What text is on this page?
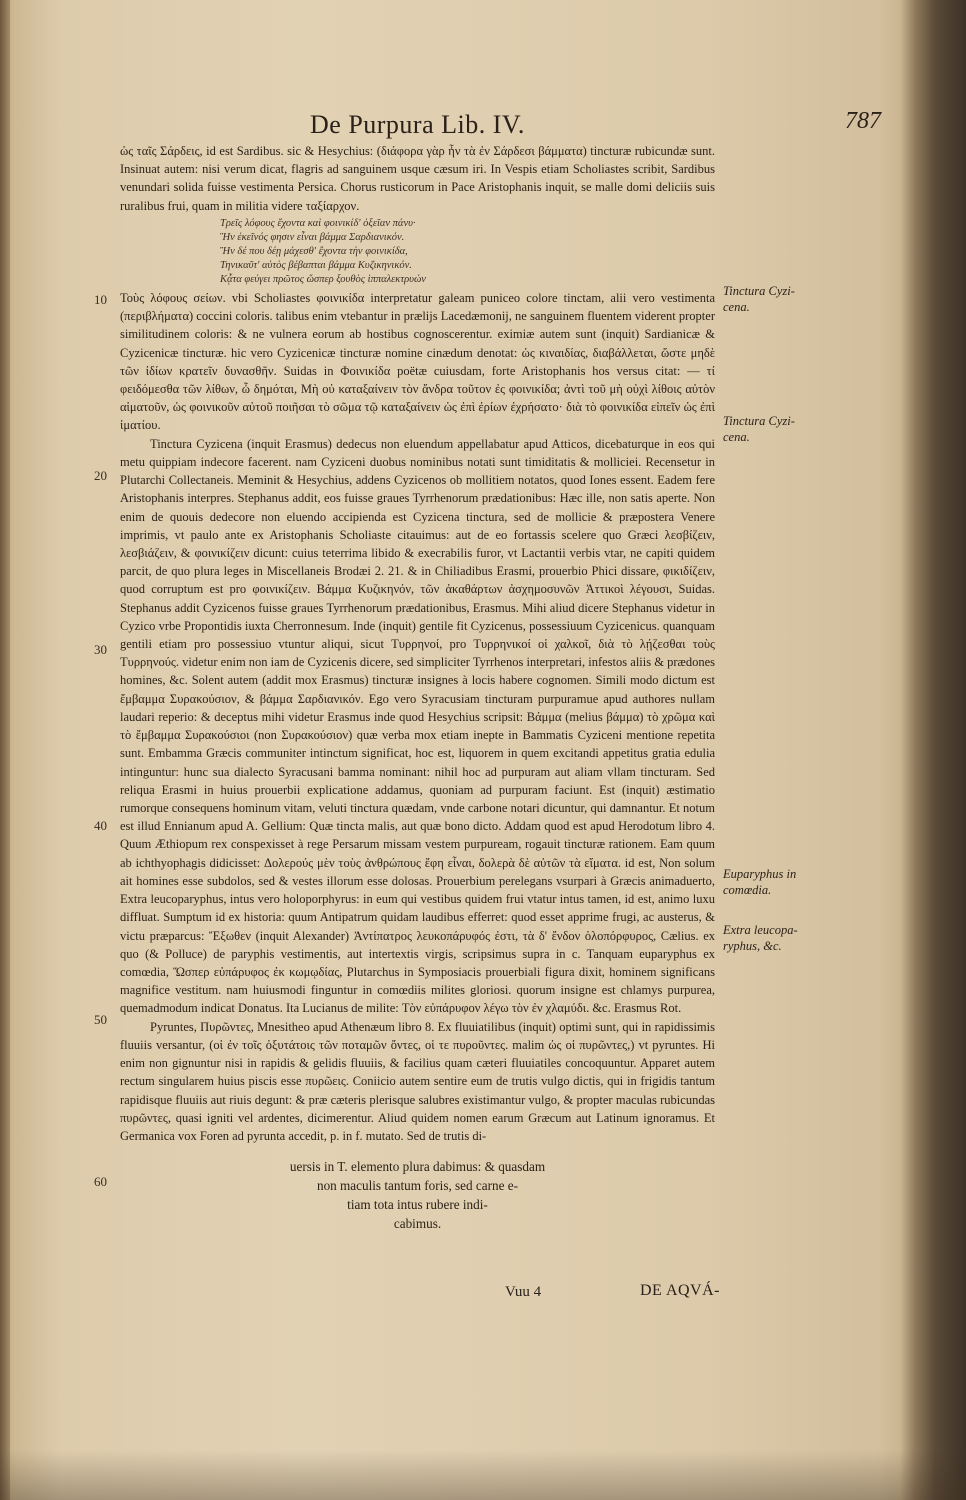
De Purpura Lib. IV.	787
10
20
30
40
50
60
Tinctura Cyzi-cena.
Tinctura Cyzi-cena.
Euparyphus in comœdia.
Extra leucopa-ryphus, &c.

ὡς ταῖς Σάρδεις, id est Sardibus. sic & Hesychius: (διάφορα γὰρ ἦν τὰ ἐν Σάρδεσι βάμματα) tincturæ rubicundæ sunt. Insinuat autem: nisi verum dicat, flagris ad sanguinem usque cæsum iri. In Vespis etiam Scholiastes scribit, Sardibus venundari solida fuisse vestimenta Persica. Chorus rusticorum in Pace Aristophanis inquit, se malle domi deliciis suis ruralibus frui, quam in militia videre ταξίαρχον.

Τρεῖς λόφους ἔχοντα καὶ φοινικίδ' ὀξεῖαν πάνυ·
Ἣν ἐκεῖνός φησιν εἶναι βάμμα Σαρδιανικόν.
Ἢν δέ που δέῃ μάχεσθ' ἔχοντα τὴν φοινικίδα,
Τηνικαῦτ' αὐτὸς βέβαπται βάμμα Κυζικηνικόν.
Κᾆτα φεύγει πρῶτος ὥσπερ ξουθὸς ἱππαλεκτρυών

Τοὺς λόφους σείων. vbi Scholiastes φοινικίδα interpretatur galeam puniceo colore tinctam, alii vero vestimenta (περιβλήματα) coccini coloris. talibus enim vtebantur in prælijs Lacedæmonij, ne sanguinem fluentem viderent propter similitudinem coloris: & ne vulnera eorum ab hostibus cognoscerentur. eximiæ autem sunt (inquit) Sardianicæ & Cyzicenicæ tincturæ. hic vero Cyzicenicæ tincturæ nomine cinædum denotat: ὡς κιναιδίας, διαβάλλεται, ὥστε μηδὲ τῶν ἰδίων κρατεῖν δυνασθῆν. Suidas in Φοινικίδα poëtæ cuiusdam, forte Aristophanis hos versus citat: — τί φειδόμεσθα τῶν λίθων, ὦ δημόται, Μὴ οὐ καταξαίνειν τὸν ἄνδρα τοῦτον ἐς φοινικίδα; ἀντὶ τοῦ μὴ οὐχὶ λίθοις αὐτὸν αἱματοῦν, ὡς φοινικοῦν αὐτοῦ ποιῆσαι τὸ σῶμα τῷ καταξαίνειν ὡς ἐπὶ ἐρίων ἐχρήσατο· διὰ τὸ φοινικίδα εἰπεῖν ὡς ἐπὶ ἱματίου.

Tinctura Cyzicena (inquit Erasmus) dedecus non eluendum appellabatur apud Atticos, dicebaturque in eos qui metu quippiam indecore facerent. nam Cyziceni duobus nominibus notati sunt timiditatis & molliciei. Recensetur in Plutarchi Collectaneis. Meminit & Hesychius, addens Cyzicenos ob mollitiem notatos, quod Iones essent. Eadem fere Aristophanis interpres. Stephanus addit, eos fuisse graues Tyrrhenorum prædationibus: Hæc ille, non satis aperte. Non enim de quouis dedecore non eluendo accipienda est Cyzicena tinctura, sed de mollicie & præpostera Venere imprimis, vt paulo ante ex Aristophanis Scholiaste citauimus: aut de eo fortassis scelere quo Græci λεσβίζειν, λεσβιάζειν, & φοινικίζειν dicunt: cuius teterrima libido & execrabilis furor, vt Lactantii verbis vtar, ne capiti quidem parcit, de quo plura leges in Miscellaneis Brodæi 2. 21. & in Chiliadibus Erasmi, prouerbio Phici dissare, φικιδίζειν, quod corruptum est pro φοινικίζειν. Βάμμα Κυζικηνόν, τῶν ἀκαθάρτων ἀσχημοσυνῶν Ἀττικοὶ λέγουσι, Suidas. Stephanus addit Cyzicenos fuisse graues Tyrrhenorum prædationibus, Erasmus. Mihi aliud dicere Stephanus videtur in Cyzico vrbe Propontidis iuxta Cherronnesum. Inde (inquit) gentile fit Cyzicenus, possessiuum Cyzicenicus. quanquam gentili etiam pro possessiuo vtuntur aliqui, sicut Τυρρηνοί, pro Τυρρηνικοί οἱ χαλκοῖ, διὰ τὸ λῄζεσθαι τοὺς Τυρρηνούς. videtur enim non iam de Cyzicenis dicere, sed simpliciter Tyrrhenos interpretari, infestos aliis & prædones homines, &c. Solent autem (addit mox Erasmus) tincturæ insignes à locis habere cognomen. Simili modo dictum est ἔμβαμμα Συρακούσιον, & βάμμα Σαρδιανικόν. Ego vero Syracusiam tincturam purpuramue apud authores nullam laudari reperio: & deceptus mihi videtur Erasmus inde quod Hesychius scripsit: Βάμμα (melius βάμμα) τὸ χρῶμα καὶ τὸ ἔμβαμμα Συρακούσιοι (non Συρακούσιον) quæ verba mox etiam inepte in Bammatis Cyziceni mentione repetita sunt. Embamma Græcis communiter intinctum significat, hoc est, liquorem in quem excitandi appetitus gratia edulia intinguntur: hunc sua dialecto Syracusani bamma nominant: nihil hoc ad purpuram aut aliam vllam tincturam. Sed reliqua Erasmi in huius prouerbii explicatione addamus, quoniam ad purpuram faciunt. Est (inquit) æstimatio rumorque consequens hominum vitam, veluti tinctura quædam, vnde carbone notari dicuntur, qui damnantur. Et notum est illud Ennianum apud A. Gellium: Quæ tincta malis, aut quæ bono dicto. Addam quod est apud Herodotum libro 4. Quum Æthiopum rex conspexisset à rege Persarum missam vestem purpuream, rogauit tincturæ rationem. Eam quum ab ichthyophagis didicisset: Δολερούς μὲν τοὺς ἀνθρώπους ἔφη εἶναι, δολερὰ δὲ αὐτῶν τὰ εἵματα. id est, Non solum ait homines esse subdolos, sed & vestes illorum esse dolosas. Prouerbium perelegans vsurpari à Græcis animaduerto, Extra leucoparyphus, intus vero holoporphyrus: in eum qui vestibus quidem frui vtatur intus tamen, id est, animo luxu diffluat. Sumptum id ex historia: quum Antipatrum quidam laudibus efferret: quod esset apprime frugi, ac austerus, & victu præparcus: Ἔξωθεν (inquit Alexander) Ἀντίπατρος λευκοπάρυφός ἐστι, τὰ δ' ἔνδον ὁλοπόρφυρος, Cælius. ex quo (& Polluce) de paryphis vestimentis, aut intertextis virgis, scripsimus supra in c. Tanquam euparyphus ex comœdia, Ὥσπερ εὐπάρυφος ἐκ κωμῳδίας, Plutarchus in Symposiacis prouerbiali figura dixit, hominem significans magnifice vestitum. nam huiusmodi finguntur in comœdiis milites gloriosi. quorum insigne est chlamys purpurea, quemadmodum indicat Donatus. Ita Lucianus de milite: Τὸν εὐπάρυφον λέγω τὸν ἐν χλαμύδι. &c. Erasmus Rot.

Pyruntes, Πυρῶντες, Mnesitheo apud Athenæum libro 8. Ex fluuiatilibus (inquit) optimi sunt, qui in rapidissimis fluuiis versantur, (οἱ ἐν τοῖς ὀξυτάτοις τῶν ποταμῶν ὄντες, οἱ τε πυροῦντες. malim ὡς οἱ πυρῶντες,) vt pyruntes. Hi enim non gignuntur nisi in rapidis & gelidis fluuiis, & facilius quam cæteri fluuiatiles concoquuntur. Apparet autem rectum singularem huius piscis esse πυρῶεις. Coniicio autem sentire eum de trutis vulgo dictis, qui in frigidis tantum rapidisque fluuiis aut riuis degunt: & præ cæteris plerisque salubres existimantur vulgo, & propter maculas rubicundas πυρῶντες, quasi igniti vel ardentes, dicimerentur. Aliud quidem nomen earum Græcum aut Latinum ignoramus. Et Germanica vox Foren ad pyrunta accedit, p. in f. mutato. Sed de trutis di-

uersis in T. elemento plura dabimus: & quasdam
non maculis tantum foris, sed carne e-
tiam tota intus rubere indi-
cabimus.
Vuu 4	DE AQVÁ-
